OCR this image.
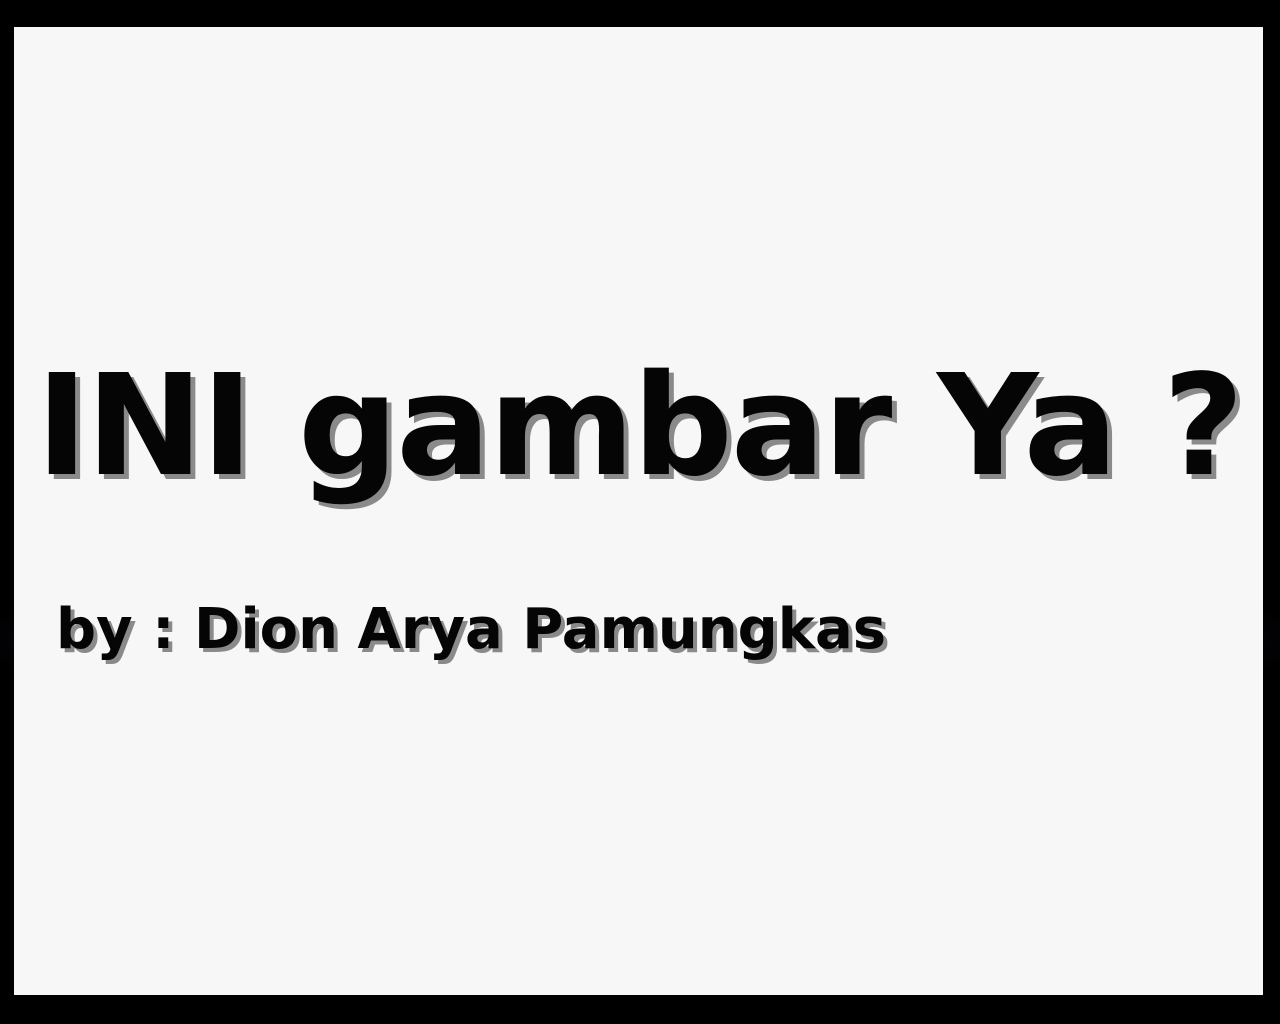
INI gambar Ya ?

by : Dion Arya Pamungkas
